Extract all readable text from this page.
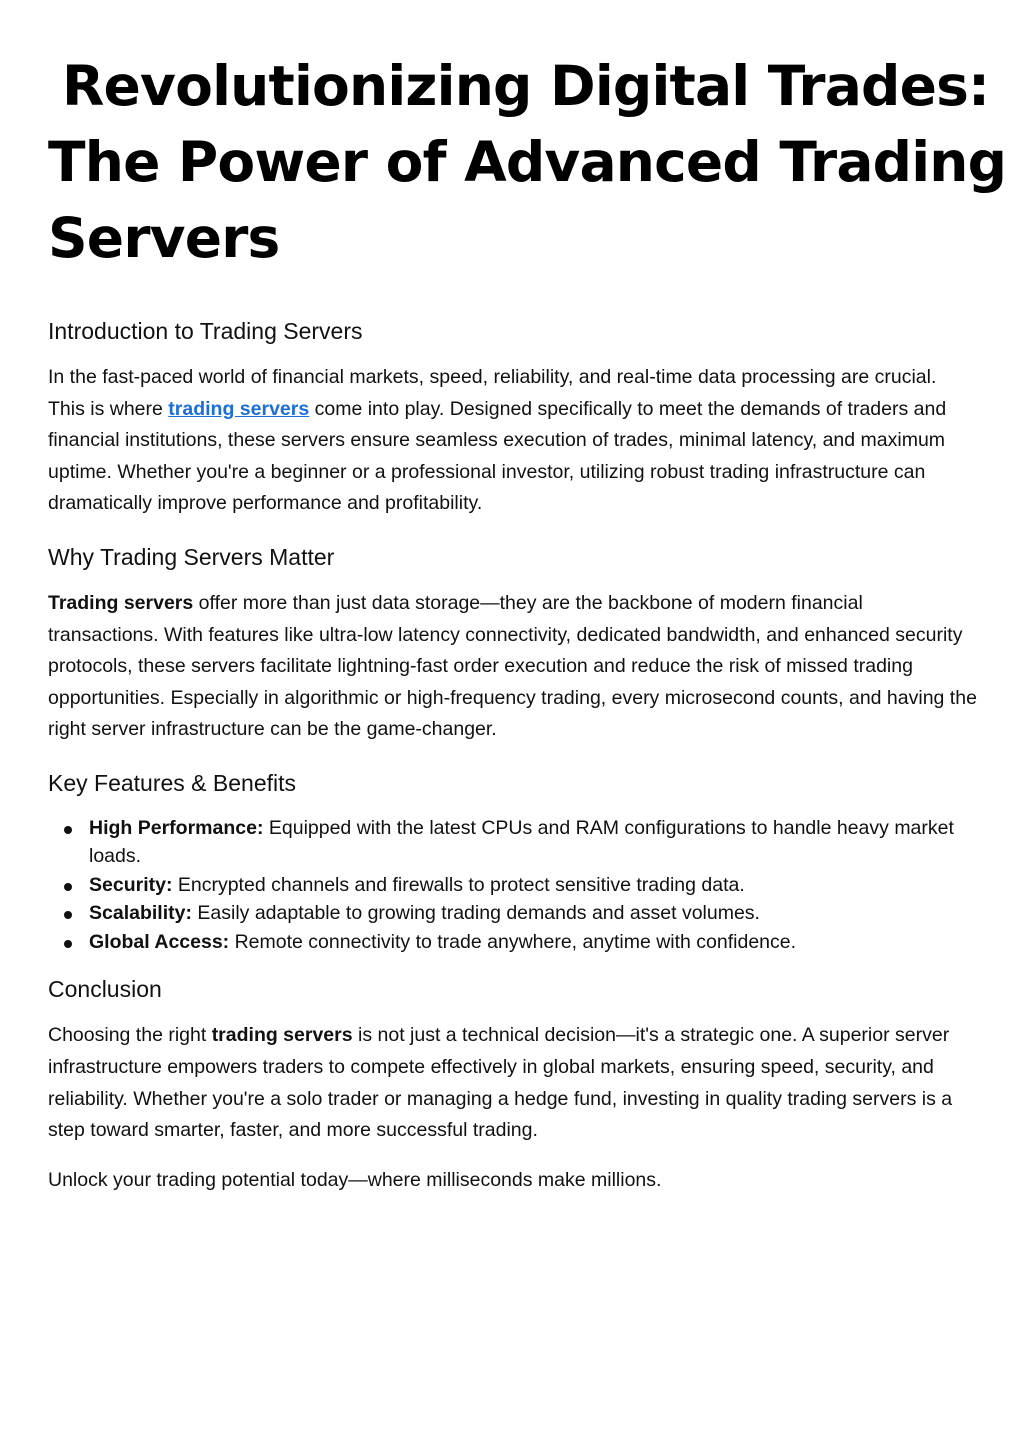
Revolutionizing Digital Trades:
The Power of Advanced Trading
Servers
Introduction to Trading Servers

In the fast-paced world of financial markets, speed, reliability, and real-time data processing are crucial. This is where trading servers come into play. Designed specifically to meet the demands of traders and financial institutions, these servers ensure seamless execution of trades, minimal latency, and maximum uptime. Whether you're a beginner or a professional investor, utilizing robust trading infrastructure can dramatically improve performance and profitability.

Why Trading Servers Matter

Trading servers offer more than just data storage—they are the backbone of modern financial transactions. With features like ultra-low latency connectivity, dedicated bandwidth, and enhanced security protocols, these servers facilitate lightning-fast order execution and reduce the risk of missed trading opportunities. Especially in algorithmic or high-frequency trading, every microsecond counts, and having the right server infrastructure can be the game-changer.

Key Features & Benefits
High Performance: Equipped with the latest CPUs and RAM configurations to handle heavy market loads.
Security: Encrypted channels and firewalls to protect sensitive trading data.
Scalability: Easily adaptable to growing trading demands and asset volumes.
Global Access: Remote connectivity to trade anywhere, anytime with confidence.
Conclusion

Choosing the right trading servers is not just a technical decision—it's a strategic one. A superior server infrastructure empowers traders to compete effectively in global markets, ensuring speed, security, and reliability. Whether you're a solo trader or managing a hedge fund, investing in quality trading servers is a step toward smarter, faster, and more successful trading.

Unlock your trading potential today—where milliseconds make millions.
